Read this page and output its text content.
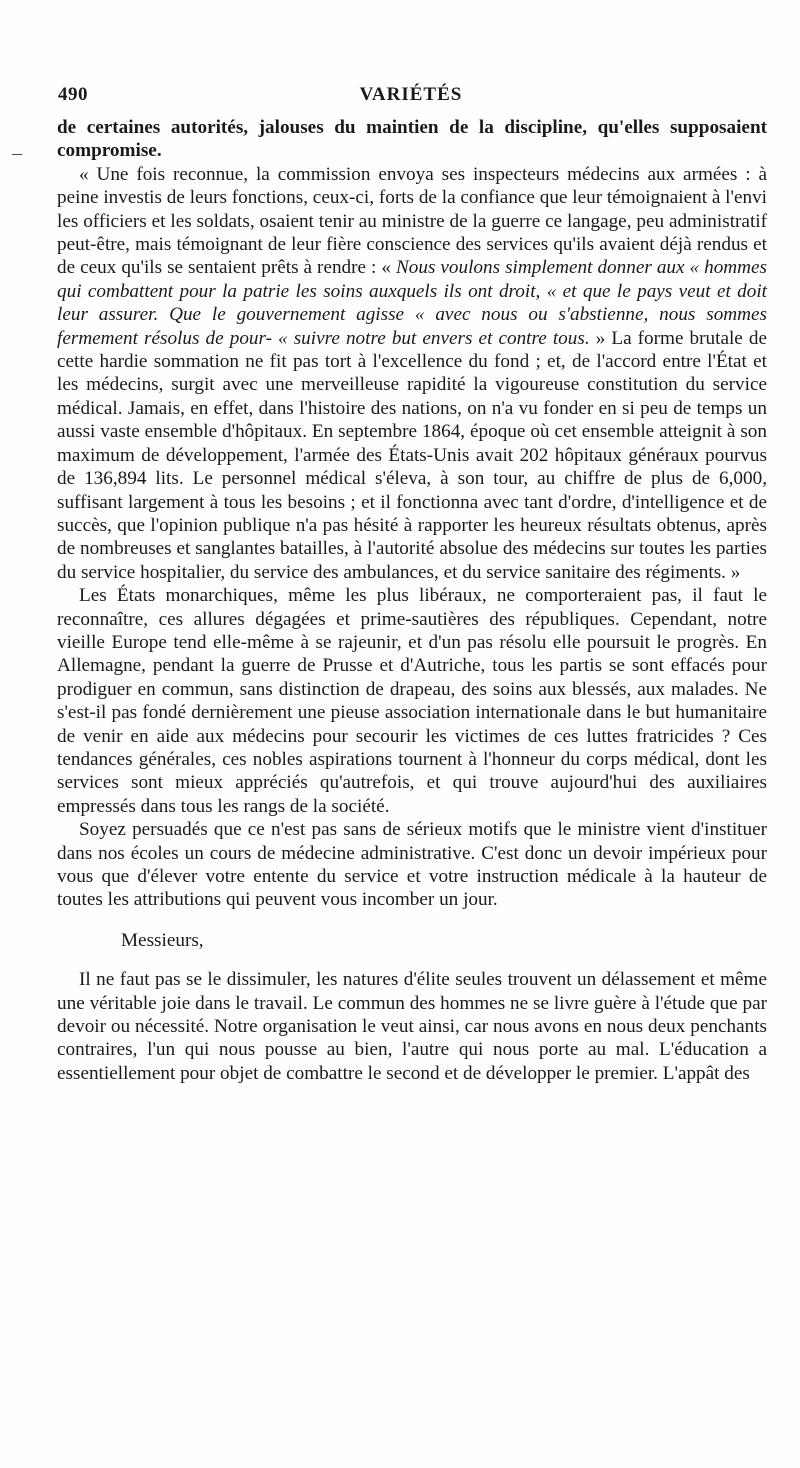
–
490	VARIÉTÉS

de certaines autorités, jalouses du maintien de la discipline, qu'elles supposaient compromise.

« Une fois reconnue, la commission envoya ses inspecteurs médecins aux armées : à peine investis de leurs fonctions, ceux-ci, forts de la confiance que leur témoignaient à l'envi les officiers et les soldats, osaient tenir au ministre de la guerre ce langage, peu administratif peut-être, mais témoignant de leur fière conscience des services qu'ils avaient déjà rendus et de ceux qu'ils se sentaient prêts à rendre : « Nous voulons simplement donner aux « hommes qui combattent pour la patrie les soins auxquels ils ont droit, « et que le pays veut et doit leur assurer. Que le gouvernement agisse « avec nous ou s'abstienne, nous sommes fermement résolus de pour- « suivre notre but envers et contre tous. » La forme brutale de cette hardie sommation ne fit pas tort à l'excellence du fond ; et, de l'accord entre l'État et les médecins, surgit avec une merveilleuse rapidité la vigoureuse constitution du service médical. Jamais, en effet, dans l'histoire des nations, on n'a vu fonder en si peu de temps un aussi vaste ensemble d'hôpitaux. En septembre 1864, époque où cet ensemble atteignit à son maximum de développement, l'armée des États-Unis avait 202 hôpitaux généraux pourvus de 136,894 lits. Le personnel médical s'éleva, à son tour, au chiffre de plus de 6,000, suffisant largement à tous les besoins ; et il fonctionna avec tant d'ordre, d'intelligence et de succès, que l'opinion publique n'a pas hésité à rapporter les heureux résultats obtenus, après de nombreuses et sanglantes batailles, à l'autorité absolue des médecins sur toutes les parties du service hospitalier, du service des ambulances, et du service sanitaire des régiments. »

Les États monarchiques, même les plus libéraux, ne comporteraient pas, il faut le reconnaître, ces allures dégagées et prime-sautières des républiques. Cependant, notre vieille Europe tend elle-même à se rajeunir, et d'un pas résolu elle poursuit le progrès. En Allemagne, pendant la guerre de Prusse et d'Autriche, tous les partis se sont effacés pour prodiguer en commun, sans distinction de drapeau, des soins aux blessés, aux malades. Ne s'est-il pas fondé dernièrement une pieuse association internationale dans le but humanitaire de venir en aide aux médecins pour secourir les victimes de ces luttes fratricides ? Ces tendances générales, ces nobles aspirations tournent à l'honneur du corps médical, dont les services sont mieux appréciés qu'autrefois, et qui trouve aujourd'hui des auxiliaires empressés dans tous les rangs de la société.

Soyez persuadés que ce n'est pas sans de sérieux motifs que le ministre vient d'instituer dans nos écoles un cours de médecine administrative. C'est donc un devoir impérieux pour vous que d'élever votre entente du service et votre instruction médicale à la hauteur de toutes les attributions qui peuvent vous incomber un jour.

Messieurs,

Il ne faut pas se le dissimuler, les natures d'élite seules trouvent un délassement et même une véritable joie dans le travail. Le commun des hommes ne se livre guère à l'étude que par devoir ou nécessité. Notre organisation le veut ainsi, car nous avons en nous deux penchants contraires, l'un qui nous pousse au bien, l'autre qui nous porte au mal. L'éducation a essentiellement pour objet de combattre le second et de développer le premier. L'appât des
